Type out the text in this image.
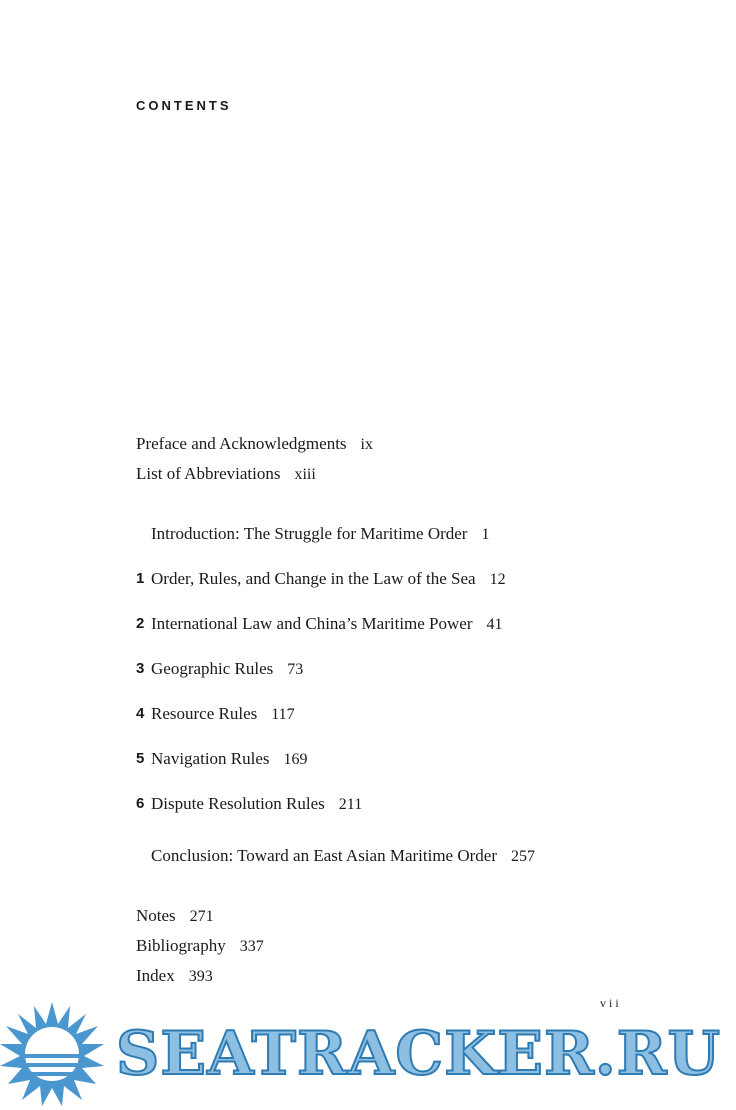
CONTENTS
Preface and Acknowledgments ix
List of Abbreviations xiii
Introduction: The Struggle for Maritime Order 1
1 Order, Rules, and Change in the Law of the Sea 12
2 International Law and China’s Maritime Power 41
3 Geographic Rules 73
4 Resource Rules 117
5 Navigation Rules 169
6 Dispute Resolution Rules 211
Conclusion: Toward an East Asian Maritime Order 257
Notes 271
Bibliography 337
Index 393
vii
SEATRACKER.RU
